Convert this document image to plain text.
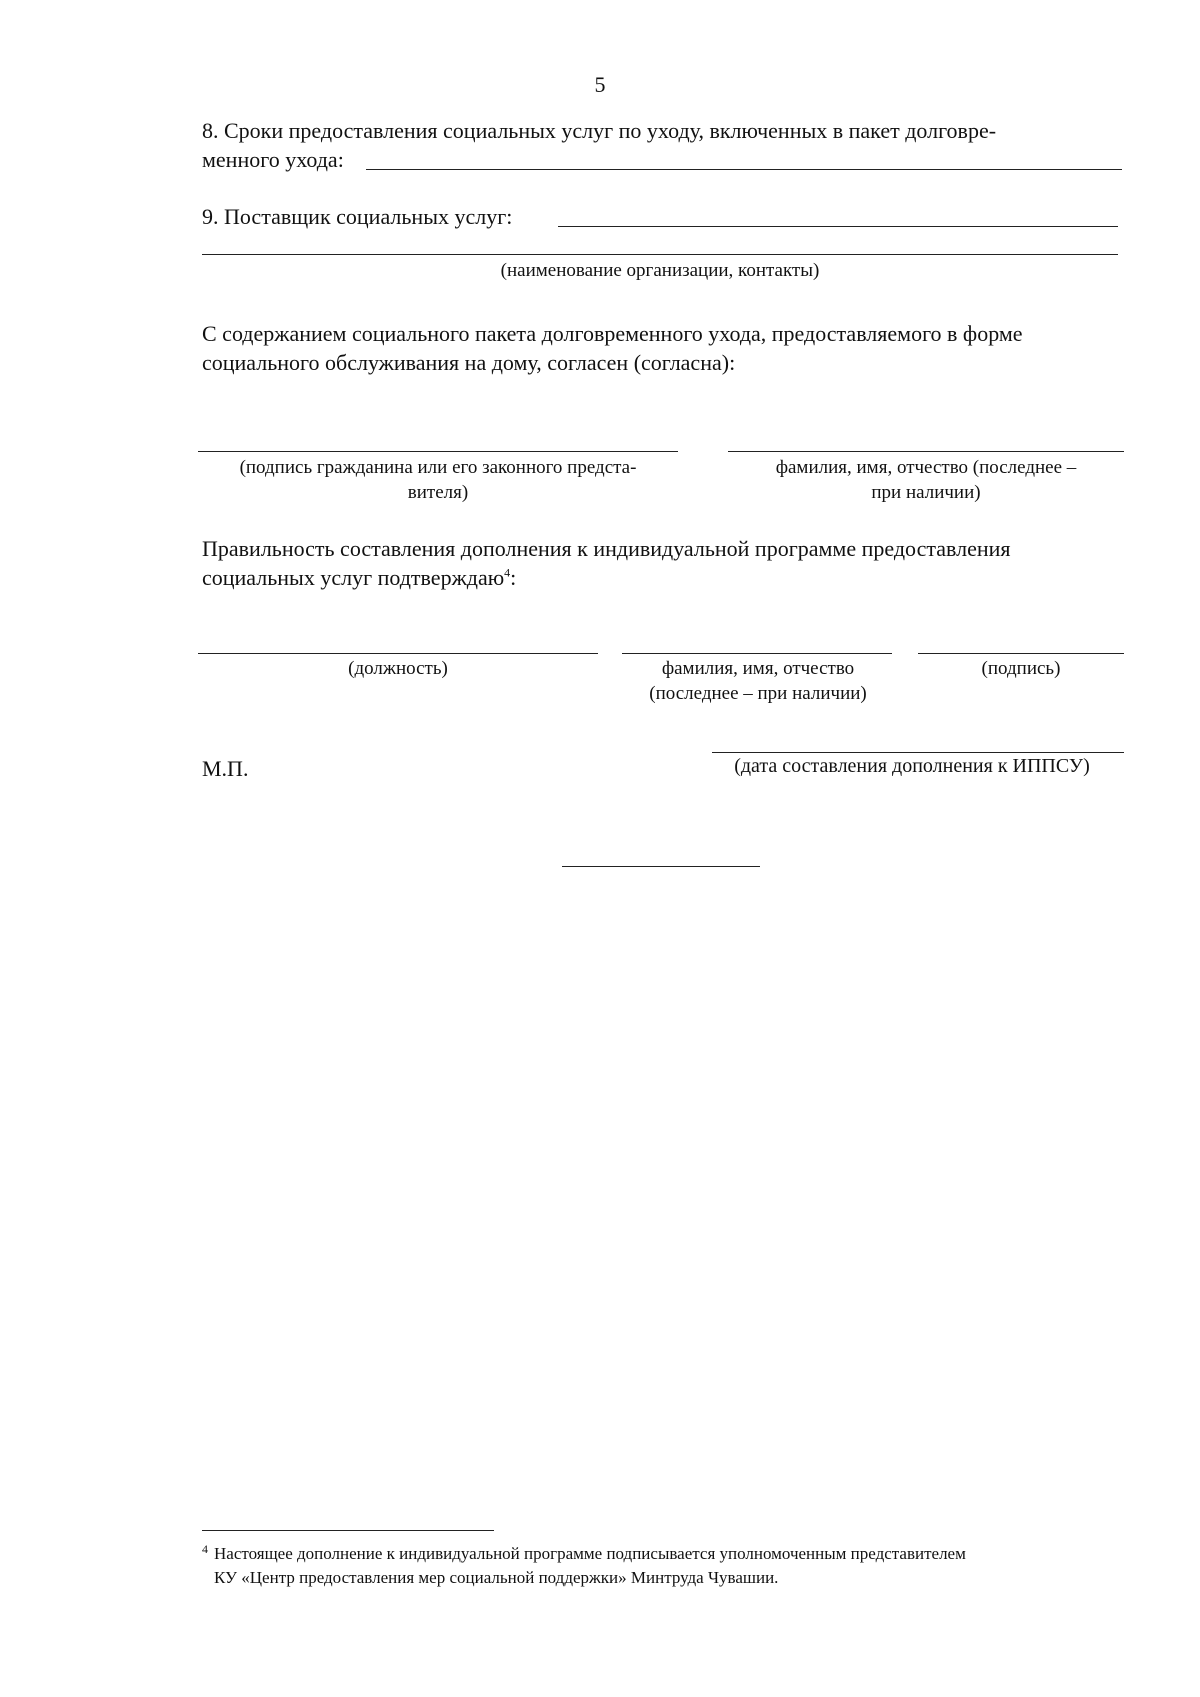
5
8. Сроки предоставления социальных услуг по уходу, включенных в пакет долговре-
менного ухода:
9. Поставщик социальных услуг:
(наименование организации, контакты)
С содержанием социального пакета долговременного ухода, предоставляемого в форме
социального обслуживания на дому, согласен (согласна):
(подпись гражданина или его законного предста-
вителя)
фамилия, имя, отчество (последнее –
при наличии)
Правильность составления дополнения к индивидуальной программе предоставления
социальных услуг подтверждаю$^4$:
(должность)	фамилия, имя, отчество
(последнее – при наличии)
(подпись)
М.П.	(дата составления дополнения к ИППСУ)
4 Настоящее дополнение к индивидуальной программе подписывается уполномоченным представителем
КУ «Центр предоставления мер социальной поддержки» Минтруда Чувашии.
